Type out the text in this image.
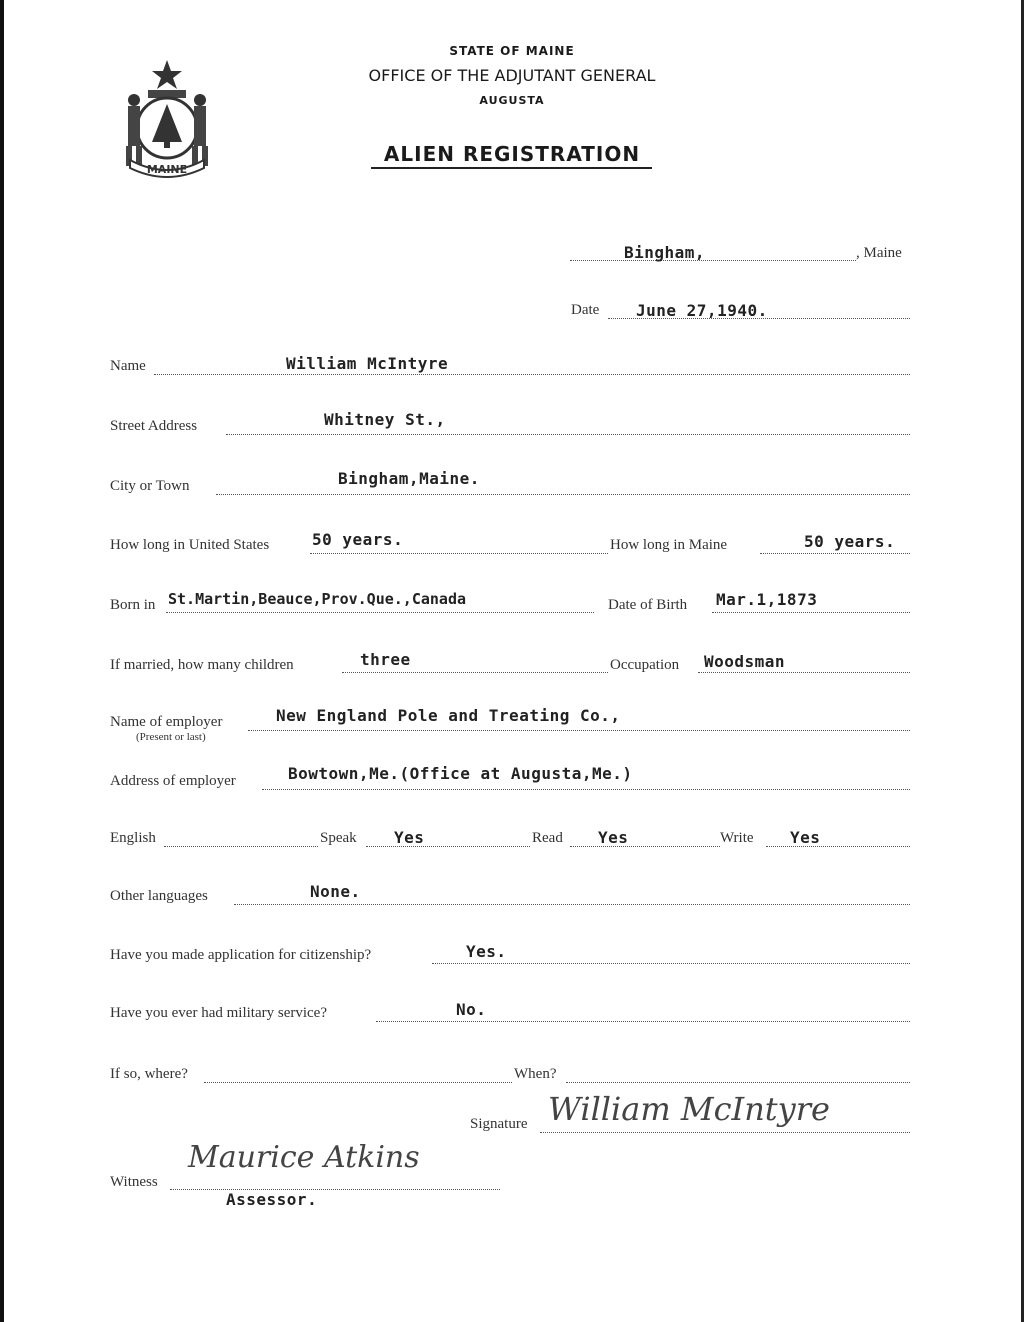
MAINE
STATE OF MAINE
OFFICE OF THE ADJUTANT GENERAL
AUGUSTA
ALIEN REGISTRATION
Bingham,	, Maine
Date June 27,1940.
Name	William McIntyre
Street Address	Whitney St.,
City or Town	Bingham,Maine.
How long in United States	50 years.	How long in Maine	50 years.
Born in St.Martin,Beauce,Prov.Que.,Canada	Date of Birth Mar.1,1873
If married, how many children	three	Occupation Woodsman
Name of employer
(Present or last)
New England Pole and Treating Co.,
Address of employer	Bowtown,Me.(Office at Augusta,Me.)
English	Speak Yes	Read Yes	Write Yes
Other languages	None.
Have you made application for citizenship?	Yes.
Have you ever had military service?	No.
If so, where?	When?
Signature William McIntyre
Witness
Maurice Atkins
Assessor.
